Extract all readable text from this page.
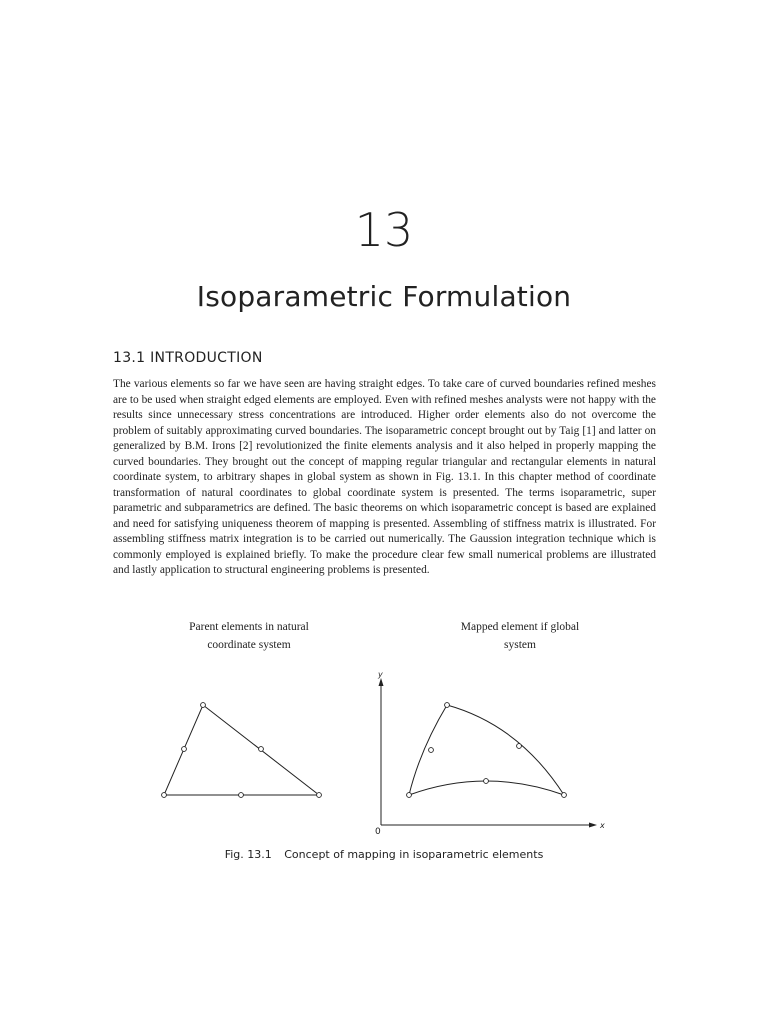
13
Isoparametric Formulation
13.1 INTRODUCTION

The various elements so far we have seen are having straight edges. To take care of curved boundaries refined meshes are to be used when straight edged elements are employed. Even with refined meshes analysts were not happy with the results since unnecessary stress concentrations are introduced. Higher order elements also do not overcome the problem of suitably approximating curved boundaries. The isoparametric concept brought out by Taig [1] and latter on generalized by B.M. Irons [2] revolutionized the finite elements analysis and it also helped in properly mapping the curved boundaries. They brought out the concept of mapping regular triangular and rectangular elements in natural coordinate system, to arbitrary shapes in global system as shown in Fig. 13.1. In this chapter method of coordinate transformation of natural coordinates to global coordinate system is presented. The terms isoparametric, super parametric and subparametrics are defined. The basic theorems on which isoparametric concept is based are explained and need for satisfying uniqueness theorem of mapping is presented. Assembling of stiffness matrix is illustrated. For assembling stiffness matrix integration is to be carried out numerically. The Gaussion integration technique which is commonly employed is explained briefly. To make the procedure clear few small numerical problems are illustrated and lastly application to structural engineering problems is presented.

Parent elements in natural
coordinate system
Mapped element if global
system
y
x
0
Fig. 13.1 Concept of mapping in isoparametric elements
